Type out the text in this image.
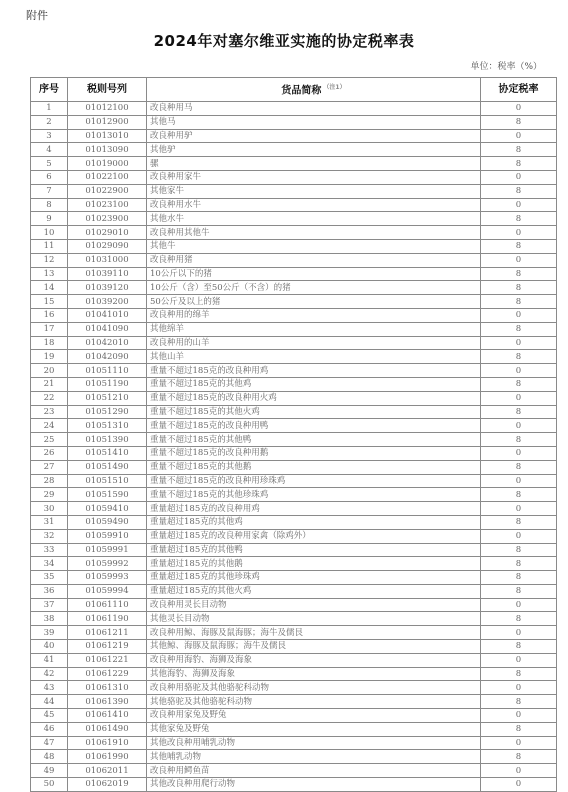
附件
2024年对塞尔维亚实施的协定税率表
单位：税率（%）
序号	税则号列	货品简称 $^{(注1)}$	协定税率
1	01012100	改良种用马	0
2	01012900	其他马	8
3	01013010	改良种用驴	0
4	01013090	其他驴	8
5	01019000	骡	8
6	01022100	改良种用家牛	0
7	01022900	其他家牛	8
8	01023100	改良种用水牛	0
9	01023900	其他水牛	8
10	01029010	改良种用其他牛	0
11	01029090	其他牛	8
12	01031000	改良种用猪	0
13	01039110	10公斤以下的猪	8
14	01039120	10公斤（含）至50公斤（不含）的猪	8
15	01039200	50公斤及以上的猪	8
16	01041010	改良种用的绵羊	0
17	01041090	其他绵羊	8
18	01042010	改良种用的山羊	0
19	01042090	其他山羊	8
20	01051110	重量不超过185克的改良种用鸡	0
21	01051190	重量不超过185克的其他鸡	8
22	01051210	重量不超过185克的改良种用火鸡	0
23	01051290	重量不超过185克的其他火鸡	8
24	01051310	重量不超过185克的改良种用鸭	0
25	01051390	重量不超过185克的其他鸭	8
26	01051410	重量不超过185克的改良种用鹅	0
27	01051490	重量不超过185克的其他鹅	8
28	01051510	重量不超过185克的改良种用珍珠鸡	0
29	01051590	重量不超过185克的其他珍珠鸡	8
30	01059410	重量超过185克的改良种用鸡	0
31	01059490	重量超过185克的其他鸡	8
32	01059910	重量超过185克的改良种用家禽（除鸡外）	0
33	01059991	重量超过185克的其他鸭	8
34	01059992	重量超过185克的其他鹅	8
35	01059993	重量超过185克的其他珍珠鸡	8
36	01059994	重量超过185克的其他火鸡	8
37	01061110	改良种用灵长目动物	0
38	01061190	其他灵长目动物	8
39	01061211	改良种用鲸、海豚及鼠海豚；海牛及儒艮	0
40	01061219	其他鲸、海豚及鼠海豚；海牛及儒艮	8
41	01061221	改良种用海豹、海狮及海象	0
42	01061229	其他海豹、海狮及海象	8
43	01061310	改良种用骆驼及其他骆驼科动物	0
44	01061390	其他骆驼及其他骆驼科动物	8
45	01061410	改良种用家兔及野兔	0
46	01061490	其他家兔及野兔	8
47	01061910	其他改良种用哺乳动物	0
48	01061990	其他哺乳动物	8
49	01062011	改良种用鳄鱼苗	0
50	01062019	其他改良种用爬行动物	0
